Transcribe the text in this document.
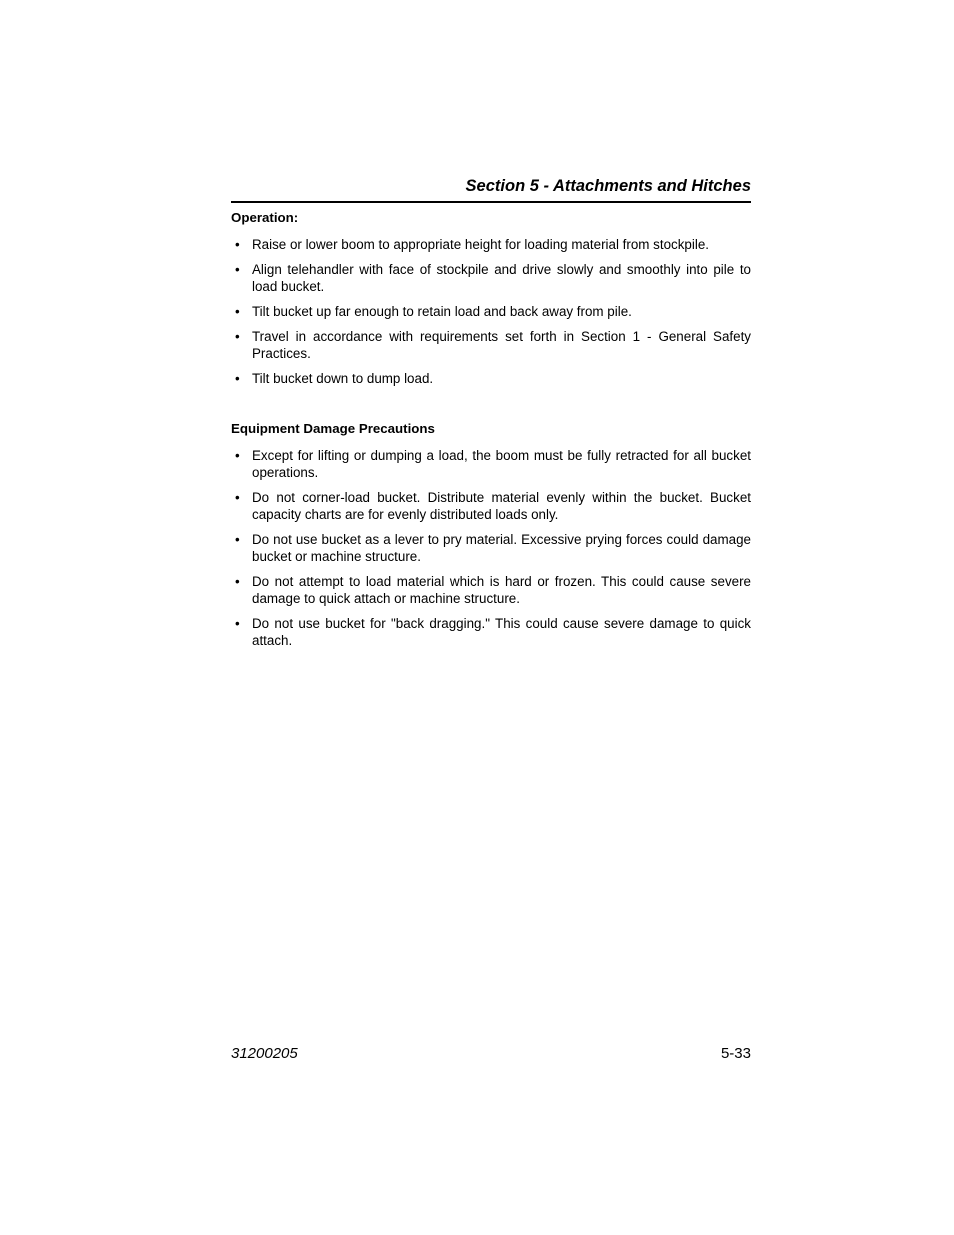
Section 5 - Attachments and Hitches
Operation:
• Raise or lower boom to appropriate height for loading material from stockpile.
• Align telehandler with face of stockpile and drive slowly and smoothly into pile to load bucket.
• Tilt bucket up far enough to retain load and back away from pile.
• Travel in accordance with requirements set forth in Section 1 - General Safety Practices.
• Tilt bucket down to dump load.
Equipment Damage Precautions
• Except for lifting or dumping a load, the boom must be fully retracted for all bucket operations.
• Do not corner-load bucket. Distribute material evenly within the bucket. Bucket capacity charts are for evenly distributed loads only.
• Do not use bucket as a lever to pry material. Excessive prying forces could damage bucket or machine structure.
• Do not attempt to load material which is hard or frozen. This could cause severe damage to quick attach or machine structure.
• Do not use bucket for "back dragging." This could cause severe damage to quick attach.
31200205	5-33
